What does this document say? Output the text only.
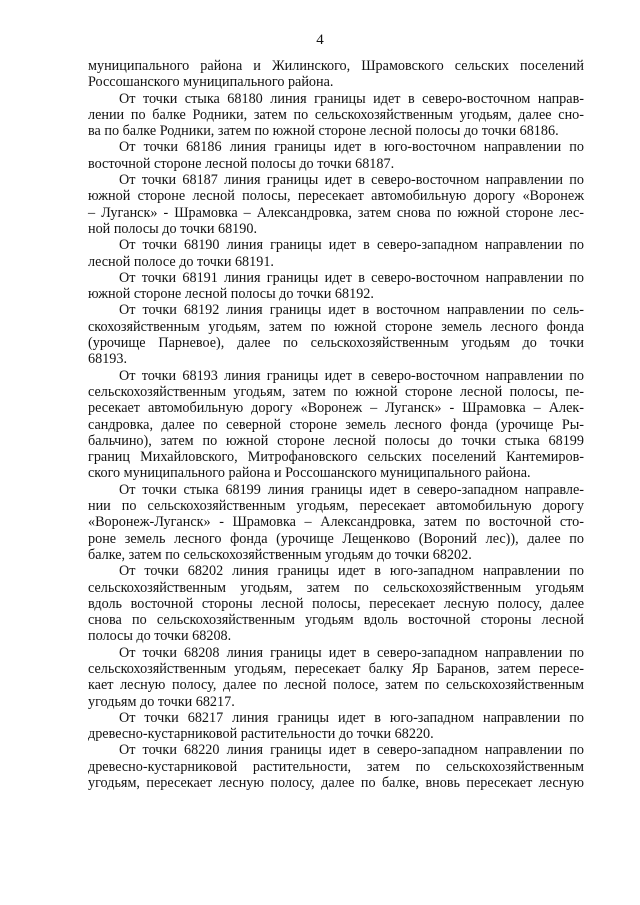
4
муниципального района и Жилинского, Шрамовского сельских поселений
Россошанского муниципального района.
От точки стыка 68180 линия границы идет в северо-восточном направ-
лении по балке Родники, затем по сельскохозяйственным угодьям, далее сно-
ва по балке Родники, затем по южной стороне лесной полосы до точки 68186.
От точки 68186 линия границы идет в юго-восточном направлении по
восточной стороне лесной полосы до точки 68187.
От точки 68187 линия границы идет в северо-восточном направлении по
южной стороне лесной полосы, пересекает автомобильную дорогу «Воронеж
– Луганск» - Шрамовка – Александровка, затем снова по южной стороне лес-
ной полосы до точки 68190.
От точки 68190 линия границы идет в северо-западном направлении по
лесной полосе до точки 68191.
От точки 68191 линия границы идет в северо-восточном направлении по
южной стороне лесной полосы до точки 68192.
От точки 68192 линия границы идет в восточном направлении по сель-
скохозяйственным угодьям, затем по южной стороне земель лесного фонда
(урочище Парневое), далее по сельскохозяйственным угодьям до точки
68193.
От точки 68193 линия границы идет в северо-восточном направлении по
сельскохозяйственным угодьям, затем по южной стороне лесной полосы, пе-
ресекает автомобильную дорогу «Воронеж – Луганск» - Шрамовка – Алек-
сандровка, далее по северной стороне земель лесного фонда (урочище Ры-
бальчино), затем по южной стороне лесной полосы до точки стыка 68199
границ Михайловского, Митрофановского сельских поселений Кантемиров-
ского муниципального района и Россошанского муниципального района.
От точки стыка 68199 линия границы идет в северо-западном направле-
нии по сельскохозяйственным угодьям, пересекает автомобильную дорогу
«Воронеж-Луганск» - Шрамовка – Александровка, затем по восточной сто-
роне земель лесного фонда (урочище Лещенково (Вороний лес)), далее по
балке, затем по сельскохозяйственным угодьям до точки 68202.
От точки 68202 линия границы идет в юго-западном направлении по
сельскохозяйственным угодьям, затем по сельскохозяйственным угодьям
вдоль восточной стороны лесной полосы, пересекает лесную полосу, далее
снова по сельскохозяйственным угодьям вдоль восточной стороны лесной
полосы до точки 68208.
От точки 68208 линия границы идет в северо-западном направлении по
сельскохозяйственным угодьям, пересекает балку Яр Баранов, затем пересе-
кает лесную полосу, далее по лесной полосе, затем по сельскохозяйственным
угодьям до точки 68217.
От точки 68217 линия границы идет в юго-западном направлении по
древесно-кустарниковой растительности до точки 68220.
От точки 68220 линия границы идет в северо-западном направлении по
древесно-кустарниковой растительности, затем по сельскохозяйственным
угодьям, пересекает лесную полосу, далее по балке, вновь пересекает лесную
